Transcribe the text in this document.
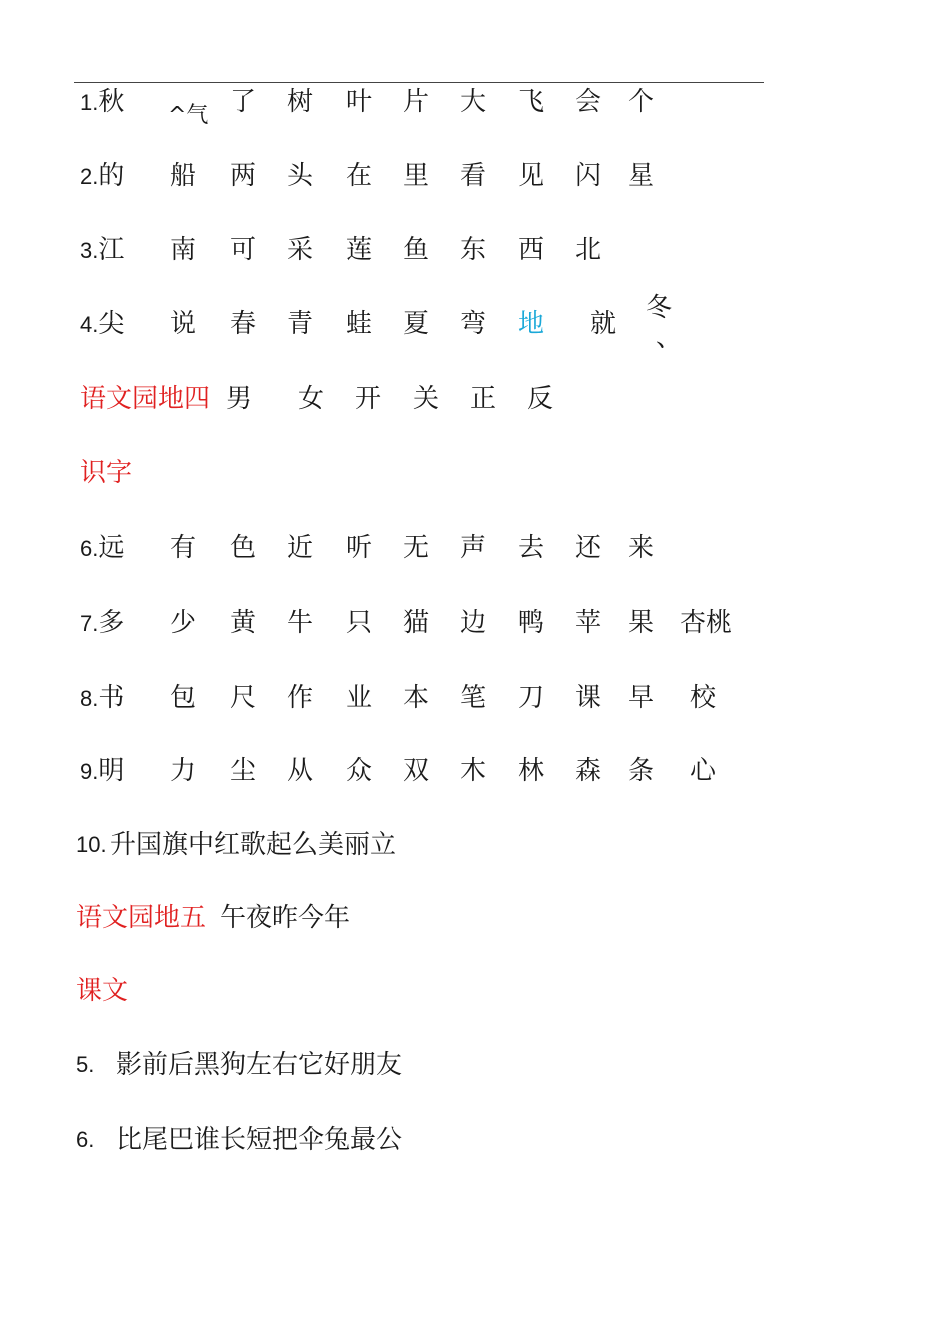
1.秋 ^气 了 树 叶 片 大 飞 会 个
2.的 船 两 头 在 里 看 见 闪 星
3.江 南 可 采 莲 鱼 东 西 北
4.尖 说 春 青 蛙 夏 弯 地 就
冬
、
语文园地四 男 女 开 关 正 反
识字
6.远 有 色 近 听 无 声 去 还 来
7.多 少 黄 牛 只 猫 边 鸭 苹 果 杏桃
8.书 包 尺 作 业 本 笔 刀 课 早 校
9.明 力 尘 从 众 双 木 林 森 条 心
10. 升国旗中红歌起么美丽立
语文园地五 午夜昨今年
课文
5. 影前后黑狗左右它好朋友
6. 比尾巴谁长短把伞兔最公
